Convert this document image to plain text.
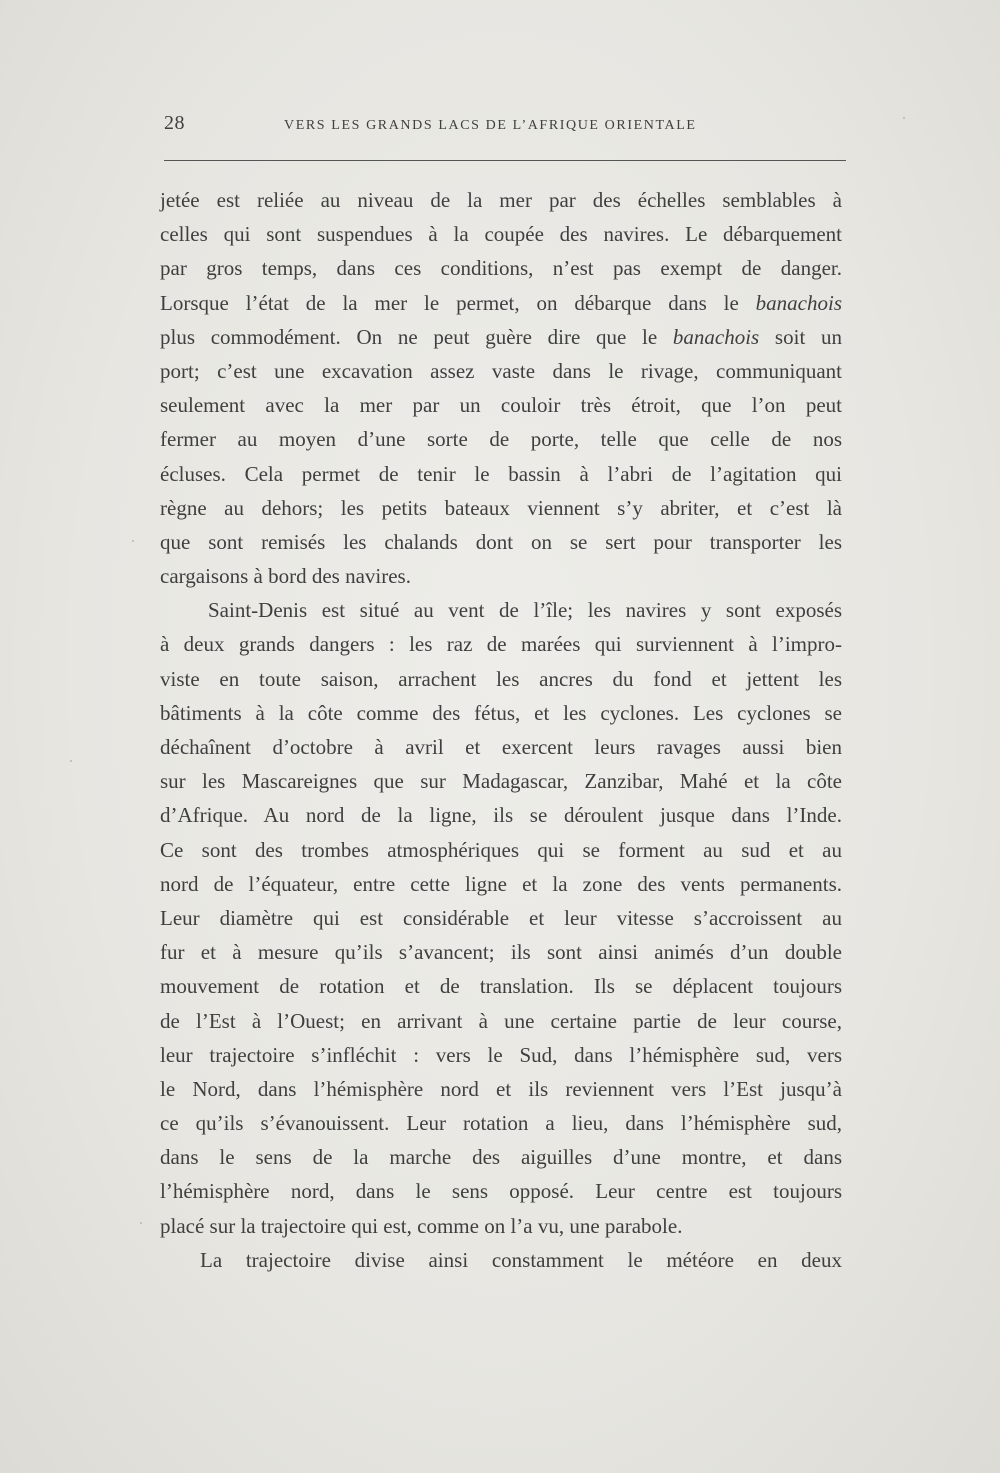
28	VERS LES GRANDS LACS DE L’AFRIQUE ORIENTALE
jetée est reliée au niveau de la mer par des échelles semblables à
celles qui sont suspendues à la coupée des navires. Le débarquement
par gros temps, dans ces conditions, n’est pas exempt de danger.
Lorsque l’état de la mer le permet, on débarque dans le banachois
plus commodément. On ne peut guère dire que le banachois soit un
port; c’est une excavation assez vaste dans le rivage, communiquant
seulement avec la mer par un couloir très étroit, que l’on peut
fermer au moyen d’une sorte de porte, telle que celle de nos
écluses. Cela permet de tenir le bassin à l’abri de l’agitation qui
règne au dehors; les petits bateaux viennent s’y abriter, et c’est là
que sont remisés les chalands dont on se sert pour transporter les
cargaisons à bord des navires.
Saint-Denis est situé au vent de l’île; les navires y sont exposés
à deux grands dangers : les raz de marées qui surviennent à l’impro-
viste en toute saison, arrachent les ancres du fond et jettent les
bâtiments à la côte comme des fétus, et les cyclones. Les cyclones se
déchaînent d’octobre à avril et exercent leurs ravages aussi bien
sur les Mascareignes que sur Madagascar, Zanzibar, Mahé et la côte
d’Afrique. Au nord de la ligne, ils se déroulent jusque dans l’Inde.
Ce sont des trombes atmosphériques qui se forment au sud et au
nord de l’équateur, entre cette ligne et la zone des vents permanents.
Leur diamètre qui est considérable et leur vitesse s’accroissent au
fur et à mesure qu’ils s’avancent; ils sont ainsi animés d’un double
mouvement de rotation et de translation. Ils se déplacent toujours
de l’Est à l’Ouest; en arrivant à une certaine partie de leur course,
leur trajectoire s’infléchit : vers le Sud, dans l’hémisphère sud, vers
le Nord, dans l’hémisphère nord et ils reviennent vers l’Est jusqu’à
ce qu’ils s’évanouissent. Leur rotation a lieu, dans l’hémisphère sud,
dans le sens de la marche des aiguilles d’une montre, et dans
l’hémisphère nord, dans le sens opposé. Leur centre est toujours
placé sur la trajectoire qui est, comme on l’a vu, une parabole.
La trajectoire divise ainsi constamment le météore en deux
